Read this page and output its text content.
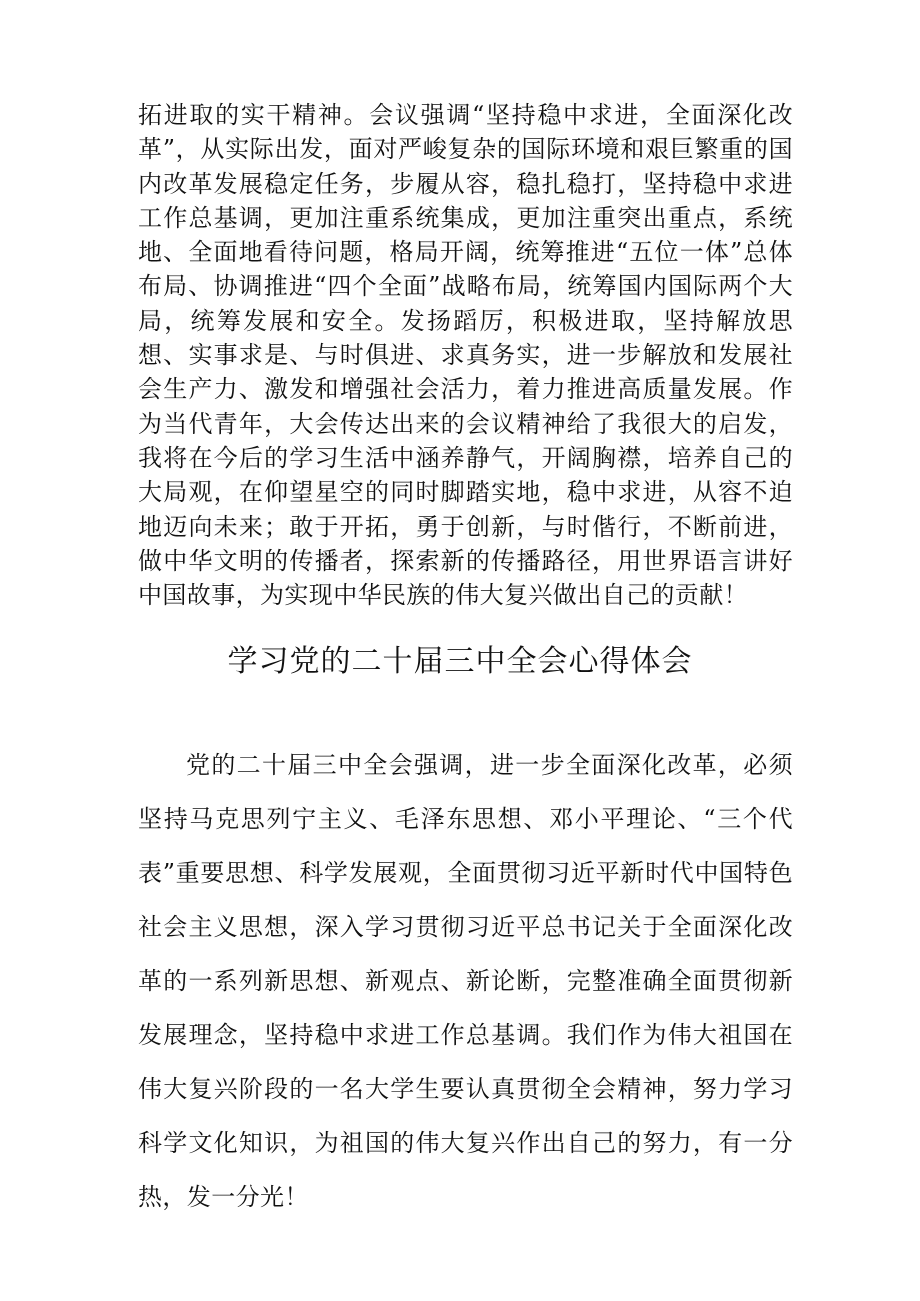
拓进取的实干精神。会议强调“坚持稳中求进，全面深化改革”，从实际出发，面对严峻复杂的国际环境和艰巨繁重的国内改革发展稳定任务，步履从容，稳扎稳打，坚持稳中求进工作总基调，更加注重系统集成，更加注重突出重点，系统地、全面地看待问题，格局开阔，统筹推进“五位一体”总体布局、协调推进“四个全面”战略布局，统筹国内国际两个大局，统筹发展和安全。发扬蹈厉，积极进取，坚持解放思想、实事求是、与时俱进、求真务实，进一步解放和发展社会生产力、激发和增强社会活力，着力推进高质量发展。作为当代青年，大会传达出来的会议精神给了我很大的启发，我将在今后的学习生活中涵养静气，开阔胸襟，培养自己的大局观，在仰望星空的同时脚踏实地，稳中求进，从容不迫地迈向未来；敢于开拓，勇于创新，与时偕行，不断前进，做中华文明的传播者，探索新的传播路径，用世界语言讲好中国故事，为实现中华民族的伟大复兴做出自己的贡献！

学习党的二十届三中全会心得体会

党的二十届三中全会强调，进一步全面深化改革，必须坚持马克思列宁主义、毛泽东思想、邓小平理论、“三个代表”重要思想、科学发展观，全面贯彻习近平新时代中国特色社会主义思想，深入学习贯彻习近平总书记关于全面深化改革的一系列新思想、新观点、新论断，完整准确全面贯彻新发展理念，坚持稳中求进工作总基调。我们作为伟大祖国在伟大复兴阶段的一名大学生要认真贯彻全会精神，努力学习科学文化知识，为祖国的伟大复兴作出自己的努力，有一分热，发一分光！
